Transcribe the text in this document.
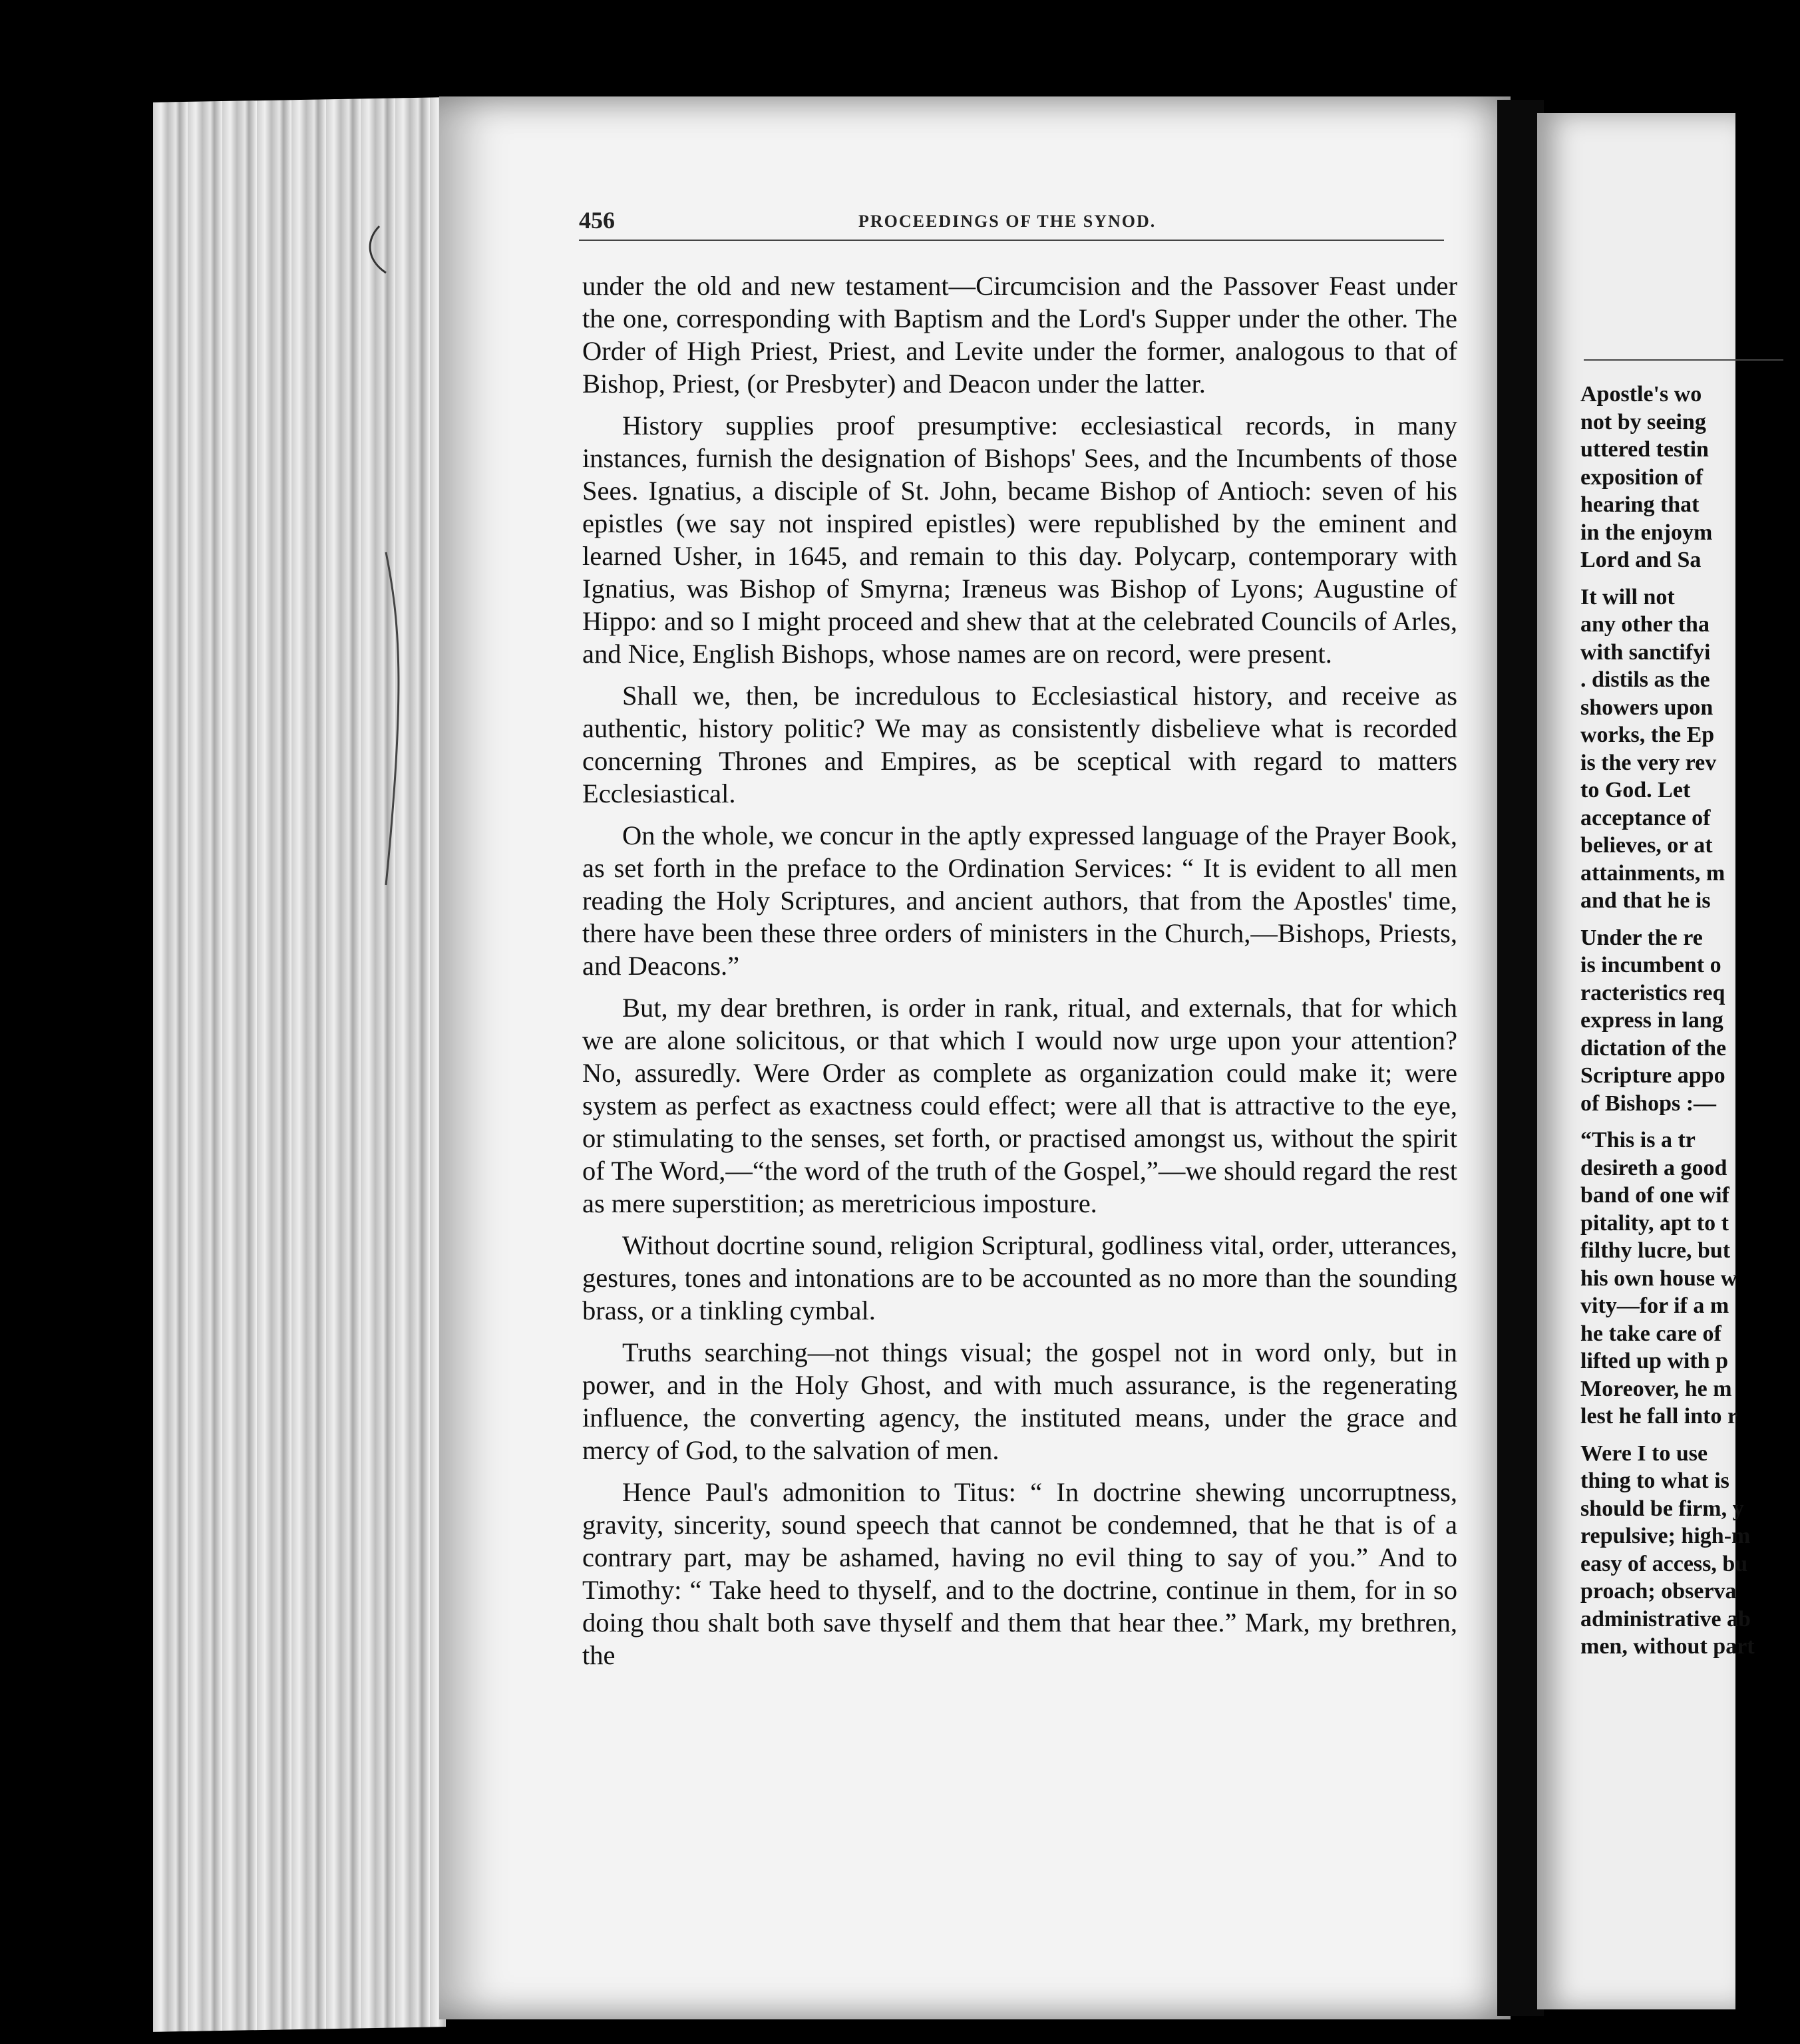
456	PROCEEDINGS OF THE SYNOD.

under the old and new testament—Circumcision and the Passover Feast under the one, corresponding with Baptism and the Lord's Supper under the other. The Order of High Priest, Priest, and Levite under the former, analogous to that of Bishop, Priest, (or Presbyter) and Deacon under the latter.

History supplies proof presumptive: ecclesiastical records, in many instances, furnish the designation of Bishops' Sees, and the Incumbents of those Sees. Ignatius, a disciple of St. John, became Bishop of Antioch: seven of his epistles (we say not inspired epistles) were republished by the eminent and learned Usher, in 1645, and remain to this day. Polycarp, contemporary with Ignatius, was Bishop of Smyrna; Iræneus was Bishop of Lyons; Augustine of Hippo: and so I might proceed and shew that at the celebrated Councils of Arles, and Nice, English Bishops, whose names are on record, were present.

Shall we, then, be incredulous to Ecclesiastical history, and receive as authentic, history politic? We may as consistently disbelieve what is recorded concerning Thrones and Empires, as be sceptical with regard to matters Ecclesiastical.

On the whole, we concur in the aptly expressed language of the Prayer Book, as set forth in the preface to the Ordination Services: “ It is evident to all men reading the Holy Scriptures, and ancient authors, that from the Apostles' time, there have been these three orders of ministers in the Church,—Bishops, Priests, and Deacons.”

But, my dear brethren, is order in rank, ritual, and externals, that for which we are alone solicitous, or that which I would now urge upon your attention? No, assuredly. Were Order as complete as organization could make it; were system as perfect as exactness could effect; were all that is attractive to the eye, or stimulating to the senses, set forth, or practised amongst us, without the spirit of The Word,—“the word of the truth of the Gospel,”—we should regard the rest as mere superstition; as meretricious imposture.

Without docrtine sound, religion Scriptural, godliness vital, order, utterances, gestures, tones and intonations are to be accounted as no more than the sounding brass, or a tinkling cymbal.

Truths searching—not things visual; the gospel not in word only, but in power, and in the Holy Ghost, and with much assurance, is the regenerating influence, the converting agency, the instituted means, under the grace and mercy of God, to the salvation of men.

Hence Paul's admonition to Titus: “ In doctrine shewing uncorruptness, gravity, sincerity, sound speech that cannot be condemned, that he that is of a contrary part, may be ashamed, having no evil thing to say of you.” And to Timothy: “ Take heed to thyself, and to the doctrine, continue in them, for in so doing thou shalt both save thyself and them that hear thee.” Mark, my brethren, the

Apostle's wo
not by seeing
uttered testin
exposition of
hearing that
in the enjoym
Lord and Sa
It will not
any other tha
with sanctifyi
. distils as the
showers upon
works, the Ep
is the very rev
to God. Let
acceptance of
believes, or at
attainments, m
and that he is
Under the re
is incumbent o
racteristics req
express in lang
dictation of the
Scripture appo
of Bishops :—
“This is a tr
desireth a good
band of one wif
pitality, apt to t
filthy lucre, but
his own house w
vity—for if a m
he take care of
lifted up with p
Moreover, he m
lest he fall into r
Were I to use
thing to what is
should be firm, y
repulsive; high-m
easy of access, bu
proach; observa
administrative ab
men, without part
